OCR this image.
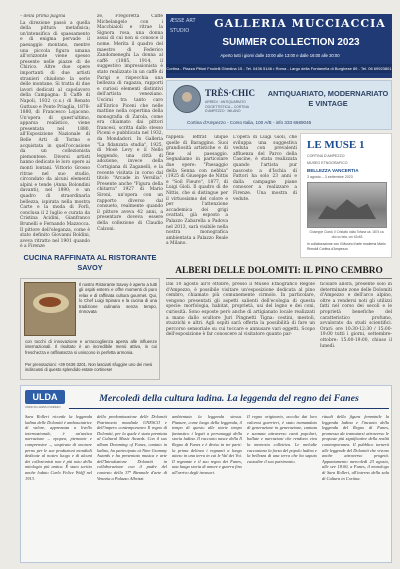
– della prima pagina

La direzione passò a quella della pittura metafisica; un'intensifica di spaesamento e di enigma pervade il paesaggio montano, mentre una piccola figura umana all'orizzonte viene spesso presente nelle piazze di de Chirico. Altre due opere importanti di due artisti stranieri chiudono la serie delle montane. Si tratta di due lavori dedicati al capolavoro della Campagna: Il Caffè di Napoli, 1932 (c.s.) di Renato Guttuso e Ponte Priaglia, 1878-1880, di Francesco Lojacono. Un'opera di quest'ultimo, apparsa realistico, viene presentata nel 1880, all'Esposizione Nazionale di Belle Arti di Torino e acquistata in quell'occasione da un collezionista piemontese. Diversi artisti hanno dedicato le loro opere ai monti lontani. Vittorio Grosso ritrae nel suo studio, circondato da alcuni elementi alpini e tende (Anna Bolondini davanti), nel 1890; e un quadro di straordinaria bellezza, ispirata nella mostra Carte e la moda di Forlì, conclusa il 2 luglio e curata da Cristina Acidini, Gianfranco Brunelli e Fernando Mazzocca. Il pittore dell'eleganza, come è stato definito Giovanni Boldini, aveva ritratto nel 1901 quando è a Firenze

ze, Fregoretta Caffè Michelangelo con i Macchiaioli e ritrae la Signora rosa, una donna assai di cui non si conosce il nome. Merita il quadro del maestro di Federico Zandomeneghi La donna al caffè (1885, 1914, il suggestivo impressionista è stato realizzato in un caffè di Parigi e rispecchia una bellezza di ragazza, rapporti e curiosi elementi distintivi dell'artista veneziano. Uscirai tra tanto caro all'Enrico Piceni che nelle mattine nella copertina della monografia di Zarola, come era chiamato dai pittori francesi, scritta dallo stesso Piceni e pubblicata nel 1932, da Mondadori. In Galleria "La fidanzata studia", 1925, di Mosè Levy e il Nello leggendo, una città di adozione, invece della Cortigiana di Zaganelli, e la recente visitata in corso dal titolo "Arcade in Versilia". Presente anche "Figura della chitarra" 1927 di Mario Sironi, un'opera con un rapporto diverso dal consueto, realmente quando il pittore aveva 42 anni, a presentare doveva essere della collezione di Claudio Calzoni.

ÆSSE ART STUDIO
GALLERIA MUCCIACCIA
SUMMER COLLECTION 2023
Aperto tutti i giorni dalle 10:00 alle 13:00 e dalle 16:00 alle 20:00
Cortina - Piazza Pittori Frodelli Ghedina 15 - Tel. 0436 5146 • Roma - Largo della Fontanella di Borghese 89 - Tel. 06 69923801
TRÈS·CHIC
ARREDI · ANTIQUARIATO OGGETTISTICA – CORTINA D'AMPEZZO · MILANO
ANTIQUARIATO, MODERNARIATO E VINTAGE
Cortina d'Ampezzo - Corso Italia, 100 A/B - info 333 6689046

rappelli: Ieffrat unque quelle di Baraggino. Suoi grandiosità artistiche e di fine al paesaggio. Segnaliamo in particolare due opere: "Paesaggio della Senna con nebbia" (1925 di Giuseppe de Nittis e "Soil Fieure", 1877, di Luigi Gioli. Il quadro di de Nittis, che si distingue per il virtuosismo del colore e per l'attenzione accademica dei grigi ovattati, già esposto a Palazzo Zabarella a Padova nel 2013, sarà visibile nella nostra monografica ambientata a Palazzo Reale a Milano.

L'opera di Luigi Gioli, che sviluppa una suggestiva veduta con prevalenti affluenza del Parco della Cascine, è stata realizzata quando l'artista pur nascosto a d'Ischia di Fattori ha solo 23 anni e dalla campagne piane conoscer a realizzare a Firenze. Una mostra di vedute.

LE MUSE 1
CORTINA D'AMPEZZO
MUSEO ETNOGRAFICO
BELLEZZA VANCERTIA
3 agosto – 3 settembre 2023
Giuseppe Ciardi, Il Cristallo dalla Tofana ca. 1874 ca. olio su tela, cm 42x63
In collaborazione con il Museo d'arte moderna Mario Rimoldi Cortina d'Ampezzo
CUCINA RAFFINATA AL RISTORANTE SAVOY
Il nostro Ristorante Savoy è aperto a tutti gli ospiti esterni e offre momenti di puro relax e di raffinata cultura gourmet. Qui, lo Chef Luigi Spinaro e la cucina di una tradizione culinaria senza tempo, rinnovata
con tocchi di innovazione e un'accoglienza aperta alle influenze internazionali. Il risultato è un incredibile menù attivo, in cui freschezza e raffinatezza si uniscono in perfetta armonia.
Per prenotazioni: +39 0436 3201. Non lasciarti sfuggire uno dei mesi indiscussi di questo splendido estate cortinese!
ALBERI DELLE DOLOMITI: IL PINO CEMBRO

Dal 10 agosto all'8 ottobre, presso il Museo Etnografico Regole d'Ampezzo, è possibile visitare un'esposizione dedicata al pino cembro, chiamato più comunemente cirmolo. In particolare, vengono presentati gli aspetti salienti dell'ecologia di questa specie: morfologia, habitat, proprietà, usi del legno e dei coni, curiosità. Sono esposte però anche di artigianato locale realizzati a mano dallo scultore Juri Pingnetti Tigna: cestini, mestoli, stuzzichi e altri. Agli ospiti sarà offerta la possibilità di fare un percorso sensoriale su cui toccare e annusare vari oggetti. Scopo dell'esposizione è far conoscere al visitatore quanto par-

ticolare allora, presente solo in determinate zone delle Dolomiti d'Ampezzo e dell'arco alpino, oltre a rendersi noti gli utilizzi fatti nel corso dei secoli e le proprietà benefiche del caratteristico profumo, avvalorato da studi scientifici. Orari: ore 10:30-12:30 / 15:00-19:00 tutti i giorni, settembre-ottobre: 15:00-19:00, chiuso il lunedì.

ULDA
UNION DI LADINS D'ANPEZO
Mercoledì della cultura ladina. La leggenda del regno dei Fanes
Sara Rolleri ricorda la leggenda ladina delle Dolomiti è ambasciatrice di valore, apprezzata a livello internazionale, è un'antica narrazione – epopea, piemonte e comprensive –, sospirata di onorare perno per le sue produzioni mondiali dedicate al nostro luogo e di alcuni dei collezionisti non è più noto della mitologia più antica. È stato scritto anche lodato Carlo Felice Wolff nel 1913.
della predominazione delle Dolomiti Patrimonio mondiale UNESCO e dell'impero contemporaneo Il regno di Dolomiti, per la quale è stata premiata al Cultural Music Awards. Con il suo album Dreaming of Fanes, cantato in ladino, ha partecipato ai Nine Grammy Awards e ha presentato musica e arte dell'Introduzione Dolomiti in collaborazione con il padre del contesto della 37ª Biennale d'arte di Venezia a Palazzo Albrizzi.
ambientata la leggenda stessa. Pianure, come luogo della leggenda, il tempo di questo alle storie tempo fantastico i legati a personaggi della storia ladina. Il racconto nasce della Il Regno di Fanes e è diviso in tre parti: la prima delinea i regnanti a lungo atteso in una terra in cui le Val dei Voi. Il regnante e il suo regno dei Fanes, una lunga storia di amore e guerra fino all'arrivo degli invasori.
Il regno originario, accolto dai loro valorosi guerrieri, è stato tramandato di generazione in generazione, cantata e suonata attraverso canti popolari, ballate e narrazioni che rendono viva la memoria collettiva. Le melodie raccontano la forza del popolo ladino e la bellezza di una terra che ha saputo custodire il suo patrimonio.
rituali della figura femminile la leggenda ladina e l'incanto della leggenda del Regno di Fanes, promessa da tramutarsi attraverso le proposte più significative della realtà contemporanea. Il pubblico tornerà alle leggende del Dolomiti che vivono anche attraverso progetti. Appuntamento mercoledì 23 agosto, alle ore 18.00, a Fanes, il monologo di Sara Rolleri, all'interno della sala di Cultura in Cortina.
